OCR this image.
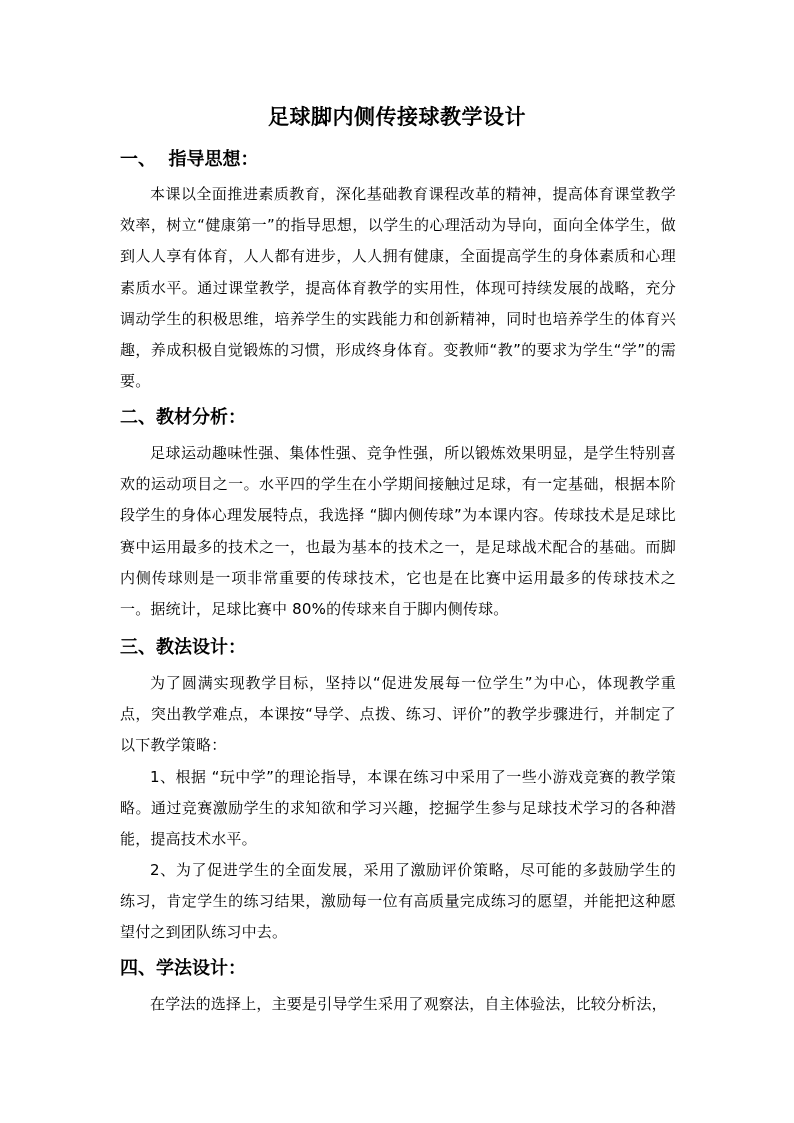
足球脚内侧传接球教学设计
一、  指导思想：
本课以全面推进素质教育，深化基础教育课程改革的精神，提高体育课堂教学效率，树立“健康第一”的指导思想，以学生的心理活动为导向，面向全体学生，做到人人享有体育，人人都有进步，人人拥有健康，全面提高学生的身体素质和心理素质水平。通过课堂教学，提高体育教学的实用性，体现可持续发展的战略，充分调动学生的积极思维，培养学生的实践能力和创新精神，同时也培养学生的体育兴趣，养成积极自觉锻炼的习惯，形成终身体育。变教师“教”的要求为学生“学”的需要。
二、教材分析：
足球运动趣味性强、集体性强、竞争性强，所以锻炼效果明显，是学生特别喜欢的运动项目之一。水平四的学生在小学期间接触过足球，有一定基础，根据本阶段学生的身体心理发展特点，我选择 “脚内侧传球”为本课内容。传球技术是足球比赛中运用最多的技术之一，也最为基本的技术之一，是足球战术配合的基础。而脚内侧传球则是一项非常重要的传球技术，它也是在比赛中运用最多的传球技术之一。据统计，足球比赛中 80%的传球来自于脚内侧传球。
三、教法设计：
为了圆满实现教学目标，坚持以“促进发展每一位学生”为中心，体现教学重点，突出教学难点，本课按“导学、点拨、练习、评价”的教学步骤进行，并制定了以下教学策略：
1、根据 “玩中学”的理论指导，本课在练习中采用了一些小游戏竞赛的教学策略。通过竞赛激励学生的求知欲和学习兴趣，挖掘学生参与足球技术学习的各种潜能，提高技术水平。
2、为了促进学生的全面发展，采用了激励评价策略，尽可能的多鼓励学生的练习，肯定学生的练习结果，激励每一位有高质量完成练习的愿望，并能把这种愿望付之到团队练习中去。
四、学法设计：
在学法的选择上，主要是引导学生采用了观察法，自主体验法，比较分析法，
